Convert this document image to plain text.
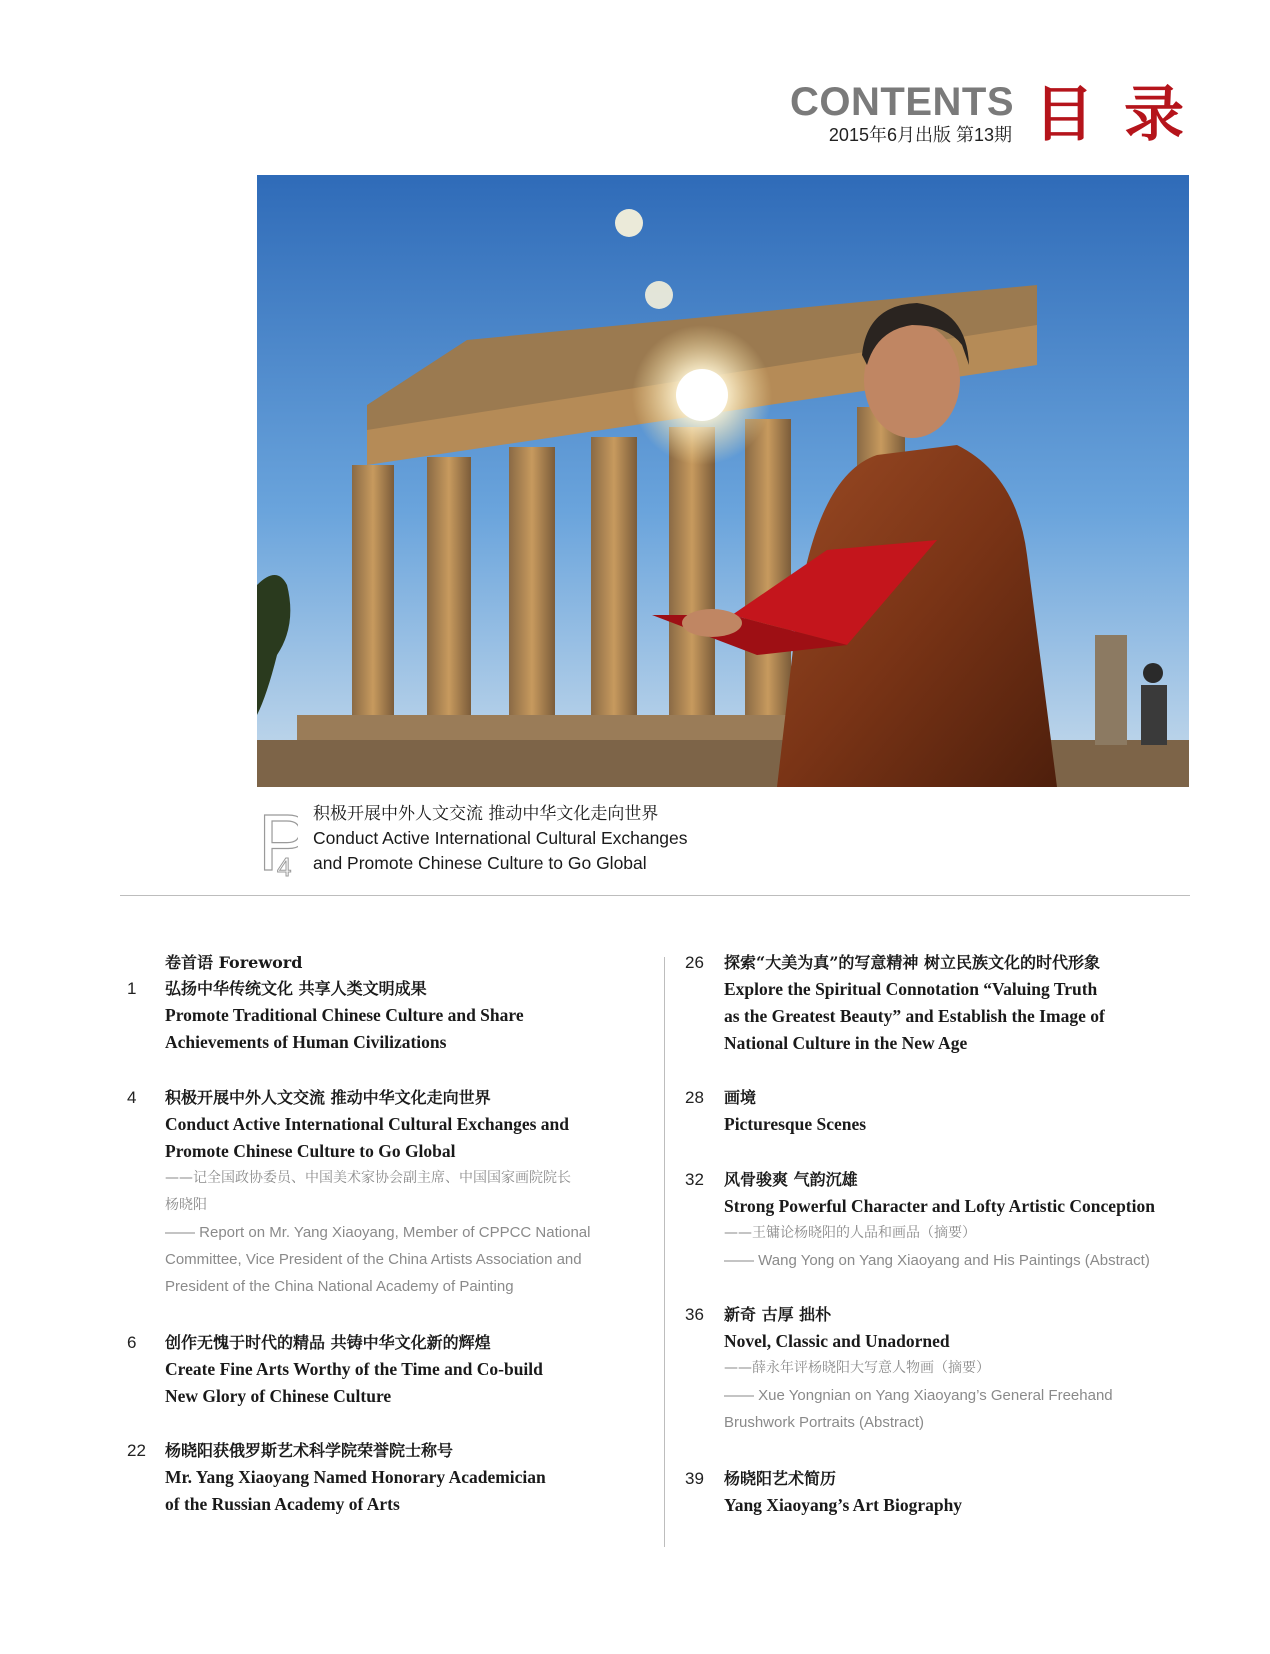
CONTENTS
2015年6月出版 第13期 目录
P
4
积极开展中外人文交流 推动中华文化走向世界
Conduct Active International Cultural Exchanges
and Promote Chinese Culture to Go Global
卷首语 Foreword
1 弘扬中华传统文化 共享人类文明成果
Promote Traditional Chinese Culture and Share
Achievements of Human Civilizations
4 积极开展中外人文交流 推动中华文化走向世界
Conduct Active International Cultural Exchanges and
Promote Chinese Culture to Go Global
——记全国政协委员、中国美术家协会副主席、中国国家画院院长
杨晓阳
—— Report on Mr. Yang Xiaoyang, Member of CPPCC National
Committee, Vice President of the China Artists Association and
President of the China National Academy of Painting
6 创作无愧于时代的精品 共铸中华文化新的辉煌
Create Fine Arts Worthy of the Time and Co-build
New Glory of Chinese Culture
22 杨晓阳获俄罗斯艺术科学院荣誉院士称号
Mr. Yang Xiaoyang Named Honorary Academician
of the Russian Academy of Arts
26 探索“大美为真”的写意精神 树立民族文化的时代形象
Explore the Spiritual Connotation “Valuing Truth
as the Greatest Beauty” and Establish the Image of
National Culture in the New Age
28 画境
Picturesque Scenes
32 风骨骏爽 气韵沉雄
Strong Powerful Character and Lofty Artistic Conception
——王镛论杨晓阳的人品和画品（摘要）
—— Wang Yong on Yang Xiaoyang and His Paintings (Abstract)
36 新奇 古厚 拙朴
Novel, Classic and Unadorned
——薛永年评杨晓阳大写意人物画（摘要）
—— Xue Yongnian on Yang Xiaoyang’s General Freehand
Brushwork Portraits (Abstract)
39 杨晓阳艺术简历
Yang Xiaoyang’s Art Biography
